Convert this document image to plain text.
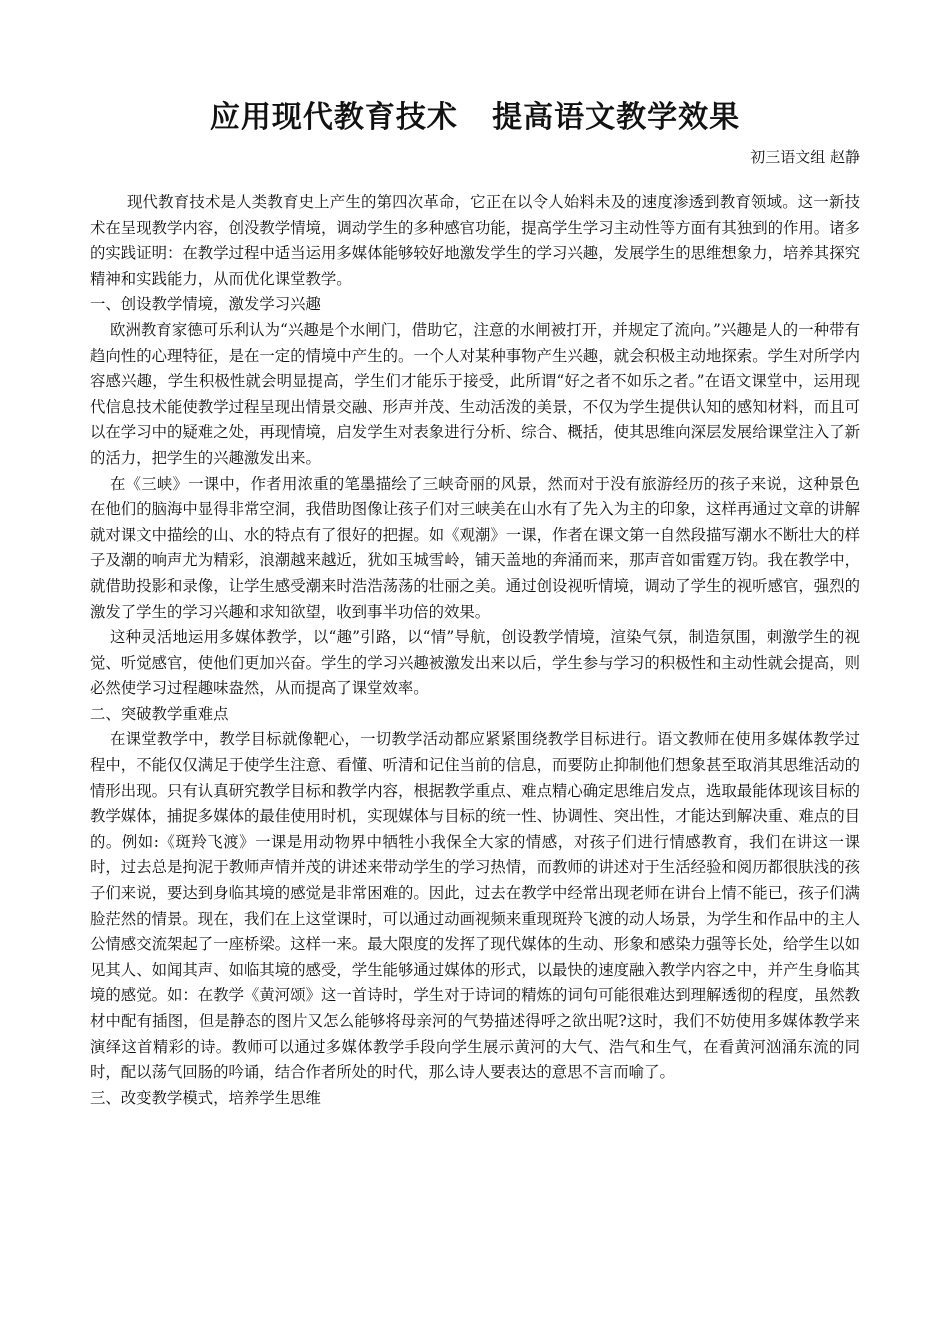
应用现代教育技术   提高语文教学效果
初三语文组 赵静

现代教育技术是人类教育史上产生的第四次革命，它正在以令人始料未及的速度渗透到教育领域。这一新技术在呈现教学内容，创没教学情境，调动学生的多种感官功能，提高学生学习主动性等方面有其独到的作用。诸多的实践证明：在教学过程中适当运用多媒体能够较好地激发学生的学习兴趣，发展学生的思维想象力，培养其探究精神和实践能力，从而优化课堂教学。

一、创设教学情境，激发学习兴趣

欧洲教育家德可乐利认为“兴趣是个水闸门，借助它，注意的水闸被打开，并规定了流向。”兴趣是人的一种带有趋向性的心理特征，是在一定的情境中产生的。一个人对某种事物产生兴趣，就会积极主动地探索。学生对所学内容感兴趣，学生积极性就会明显提高，学生们才能乐于接受，此所谓“好之者不如乐之者。”在语文课堂中，运用现代信息技术能使教学过程呈现出情景交融、形声并茂、生动活泼的美景，不仅为学生提供认知的感知材料，而且可以在学习中的疑难之处，再现情境，启发学生对表象进行分析、综合、概括，使其思维向深层发展给课堂注入了新的活力，把学生的兴趣激发出来。

在《三峡》一课中，作者用浓重的笔墨描绘了三峡奇丽的风景，然而对于没有旅游经历的孩子来说，这种景色在他们的脑海中显得非常空洞，我借助图像让孩子们对三峡美在山水有了先入为主的印象，这样再通过文章的讲解就对课文中描绘的山、水的特点有了很好的把握。如《观潮》一课，作者在课文第一自然段描写潮水不断壮大的样子及潮的响声尤为精彩，浪潮越来越近，犹如玉城雪岭，铺天盖地的奔涌而来，那声音如雷霆万钧。我在教学中，就借助投影和录像，让学生感受潮来时浩浩荡荡的壮丽之美。通过创设视听情境，调动了学生的视听感官，强烈的激发了学生的学习兴趣和求知欲望，收到事半功倍的效果。

这种灵活地运用多媒体教学，以“趣”引路，以“情”导航，创设教学情境，渲染气氛，制造氛围，刺激学生的视觉、听觉感官，使他们更加兴奋。学生的学习兴趣被激发出来以后，学生参与学习的积极性和主动性就会提高，则必然使学习过程趣味盎然，从而提高了课堂效率。

二、突破教学重难点

在课堂教学中，教学目标就像靶心，一切教学活动都应紧紧围绕教学目标进行。语文教师在使用多媒体教学过程中，不能仅仅满足于使学生注意、看懂、听清和记住当前的信息，而要防止抑制他们想象甚至取消其思维活动的情形出现。只有认真研究教学目标和教学内容，根据教学重点、难点精心确定思维启发点，选取最能体现该目标的教学媒体，捕捉多媒体的最佳使用时机，实现媒体与目标的统一性、协调性、突出性，才能达到解决重、难点的目的。例如:《斑羚飞渡》一课是用动物界中牺牲小我保全大家的情感，对孩子们进行情感教育，我们在讲这一课时，过去总是拘泥于教师声情并茂的讲述来带动学生的学习热情，而教师的讲述对于生活经验和阅历都很肤浅的孩子们来说，要达到身临其境的感觉是非常困难的。因此，过去在教学中经常出现老师在讲台上情不能已，孩子们满脸茫然的情景。现在，我们在上这堂课时，可以通过动画视频来重现斑羚飞渡的动人场景，为学生和作品中的主人公情感交流架起了一座桥梁。这样一来。最大限度的发挥了现代媒体的生动、形象和感染力强等长处，给学生以如见其人、如闻其声、如临其境的感受，学生能够通过媒体的形式，以最快的速度融入教学内容之中，并产生身临其境的感觉。如：在教学《黄河颂》这一首诗时，学生对于诗词的精炼的词句可能很难达到理解透彻的程度，虽然教材中配有插图，但是静态的图片又怎么能够将母亲河的气势描述得呼之欲出呢?这时，我们不妨使用多媒体教学来演绎这首精彩的诗。教师可以通过多媒体教学手段向学生展示黄河的大气、浩气和生气，在看黄河汹涌东流的同时，配以荡气回肠的吟诵，结合作者所处的时代，那么诗人要表达的意思不言而喻了。

三、改变教学模式，培养学生思维
